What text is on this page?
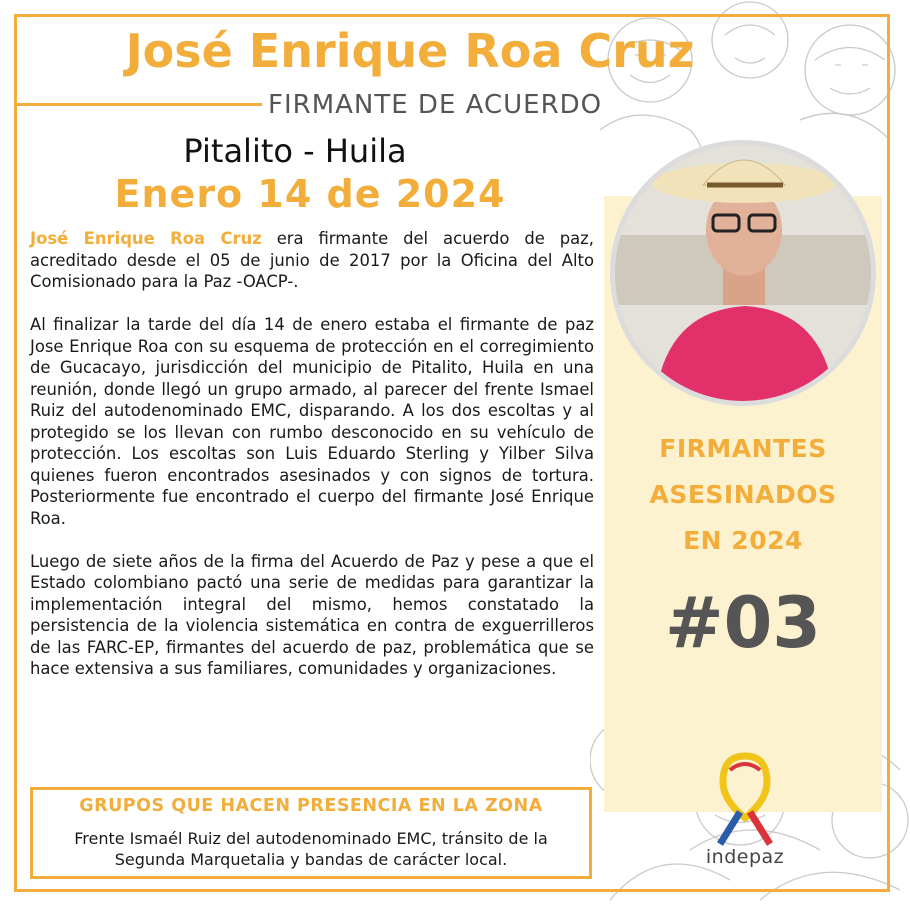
José Enrique Roa Cruz
FIRMANTE DE ACUERDO
Pitalito - Huila
Enero 14 de 2024

José Enrique Roa Cruz era firmante del acuerdo de paz, acreditado desde el 05 de junio de 2017 por la Oficina del Alto Comisionado para la Paz -OACP-.

Al finalizar la tarde del día 14 de enero estaba el firmante de paz Jose Enrique Roa con su esquema de protección en el corregimiento de Gucacayo, jurisdicción del municipio de Pitalito, Huila en una reunión, donde llegó un grupo armado, al parecer del frente Ismael Ruiz del autodenominado EMC, disparando. A los dos escoltas y al protegido se los llevan con rumbo desconocido en su vehículo de protección. Los escoltas son Luis Eduardo Sterling y Yilber Silva quienes fueron encontrados asesinados y con signos de tortura. Posteriormente fue encontrado el cuerpo del firmante José Enrique Roa.

Luego de siete años de la firma del Acuerdo de Paz y pese a que el Estado colombiano pactó una serie de medidas para garantizar la implementación integral del mismo, hemos constatado la persistencia de la violencia sistemática en contra de exguerrilleros de las FARC-EP, firmantes del acuerdo de paz, problemática que se hace extensiva a sus familiares, comunidades y organizaciones.

GRUPOS QUE HACEN PRESENCIA EN LA ZONA
Frente Ismaél Ruiz del autodenominado EMC, tránsito de la Segunda Marquetalia y bandas de carácter local.
FIRMANTES
ASESINADOS
EN 2024
#03
indepaz
